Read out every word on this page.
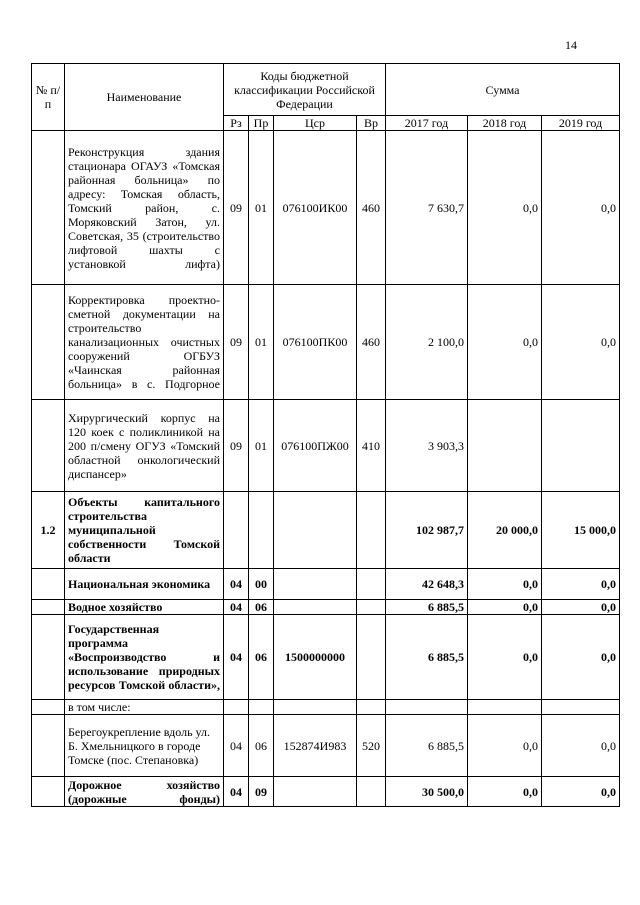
14
№ п/п	Наименование	Коды бюджетной классификации Российской Федерации				Сумма		
		Рз	Пр	Цср	Вр	2017 год	2018 год	2019 год
	Реконструкция здания стационара ОГАУЗ «Томская районная больница» по адресу: Томская область, Томский район, с. Моряковский Затон, ул. Советская, 35 (строительство лифтовой шахты с установкой лифта)	09	01	076100ИК00	460	7 630,7	0,0	0,0
	Корректировка проектно-сметной документации на строительство канализационных очистных сооружений ОГБУЗ «Чаинская районная больница» в с. Подгорное	09	01	076100ПК00	460	2 100,0	0,0	0,0
	Хирургический корпус на 120 коек с поликлиникой на 200 п/смену ОГУЗ «Томский областной онкологический диспансер»	09	01	076100ПЖ00	410	3 903,3		
1.2	Объекты капитального строительства муниципальной собственности Томской области					102 987,7	20 000,0	15 000,0
	Национальная экономика	04	00			42 648,3	0,0	0,0
	Водное хозяйство	04	06			6 885,5	0,0	0,0
	Государственная программа «Воспроизводство и использование природных ресурсов Томской области»,	04	06	1500000000		6 885,5	0,0	0,0
	в том числе:							
	Берегоукрепление вдоль ул. Б. Хмельницкого в городе Томске (пос. Степановка)	04	06	152874И983	520	6 885,5	0,0	0,0
	Дорожное хозяйство (дорожные фонды)	04	09			30 500,0	0,0	0,0
